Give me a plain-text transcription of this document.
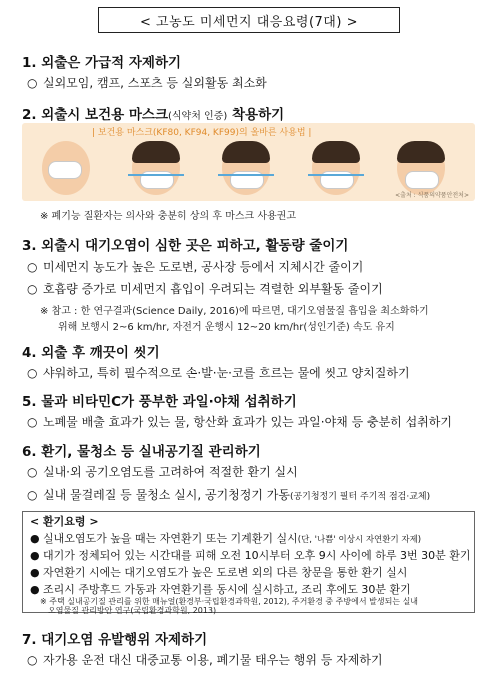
< 고농도 미세먼지 대응요령(7대) >
1. 외출은 가급적 자제하기
○ 실외모임, 캠프, 스포츠 등 실외활동 최소화
2. 외출시 보건용 마스크(식약처 인증) 착용하기
| 보건용 마스크(KF80, KF94, KF99)의 올바른 사용법 |
<출처 : 식품의약품안전처>
※ 폐기능 질환자는 의사와 충분히 상의 후 마스크 사용권고
3. 외출시 대기오염이 심한 곳은 피하고, 활동량 줄이기
○ 미세먼지 농도가 높은 도로변, 공사장 등에서 지체시간 줄이기
○ 호흡량 증가로 미세먼지 흡입이 우려되는 격렬한 외부활동 줄이기
※ 참고 : 한 연구결과(Science Daily, 2016)에 따르면, 대기오염물질 흡입을 최소화하기
위해 보행시 2~6 km/hr, 자전거 운행시 12~20 km/hr(성인기준) 속도 유지
4. 외출 후 깨끗이 씻기
○ 샤워하고, 특히 필수적으로 손·발·눈·코를 흐르는 물에 씻고 양치질하기
5. 물과 비타민C가 풍부한 과일·야채 섭취하기
○ 노폐물 배출 효과가 있는 물, 항산화 효과가 있는 과일·야채 등 충분히 섭취하기
6. 환기, 물청소 등 실내공기질 관리하기
○ 실내·외 공기오염도를 고려하여 적절한 환기 실시
○ 실내 물걸레질 등 물청소 실시, 공기청정기 가동(공기청정기 필터 주기적 점검·교체)
< 환기요령 >
● 실내오염도가 높을 때는 자연환기 또는 기계환기 실시(단, '나쁨' 이상시 자연환기 자제)
● 대기가 정체되어 있는 시간대를 피해 오전 10시부터 오후 9시 사이에 하루 3번 30분 환기
● 자연환기 시에는 대기오염도가 높은 도로변 외의 다른 창문을 통한 환기 실시
● 조리시 주방후드 가동과 자연환기를 동시에 실시하고, 조리 후에도 30분 환기
※ 주택 실내공기질 관리를 위한 매뉴얼(환경부·국립환경과학원, 2012), 주거환경 중 주방에서 발생되는 실내
오염물질 관리방안 연구(국립환경과학원, 2013)
7. 대기오염 유발행위 자제하기
○ 자가용 운전 대신 대중교통 이용, 폐기물 태우는 행위 등 자제하기
